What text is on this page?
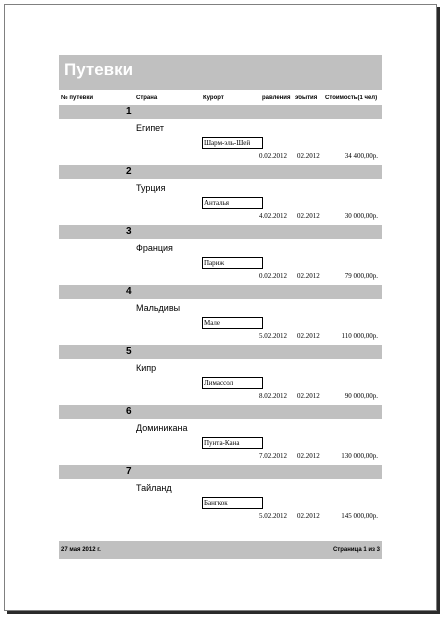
Путевки
№ путевки	Страна	Курорт	равления эбытия	Стоимость(1 чел)
1
Египет
Шарм-эль-Шей
0.02.2012	02.2012	34 400,00р.
2
Турция
Анталья
4.02.2012	02.2012	30 000,00р.
3
Франция
Париж
0.02.2012	02.2012	79 000,00р.
4
Мальдивы
Мале
5.02.2012	02.2012	110 000,00р.
5
Кипр
Лимассол
8.02.2012	02.2012	90 000,00р.
6
Доминикана
Пунта-Кана
7.02.2012	02.2012	130 000,00р.
7
Тайланд
Бангкок
5.02.2012	02.2012	145 000,00р.
27 мая 2012 г.	Страница 1 из 3
